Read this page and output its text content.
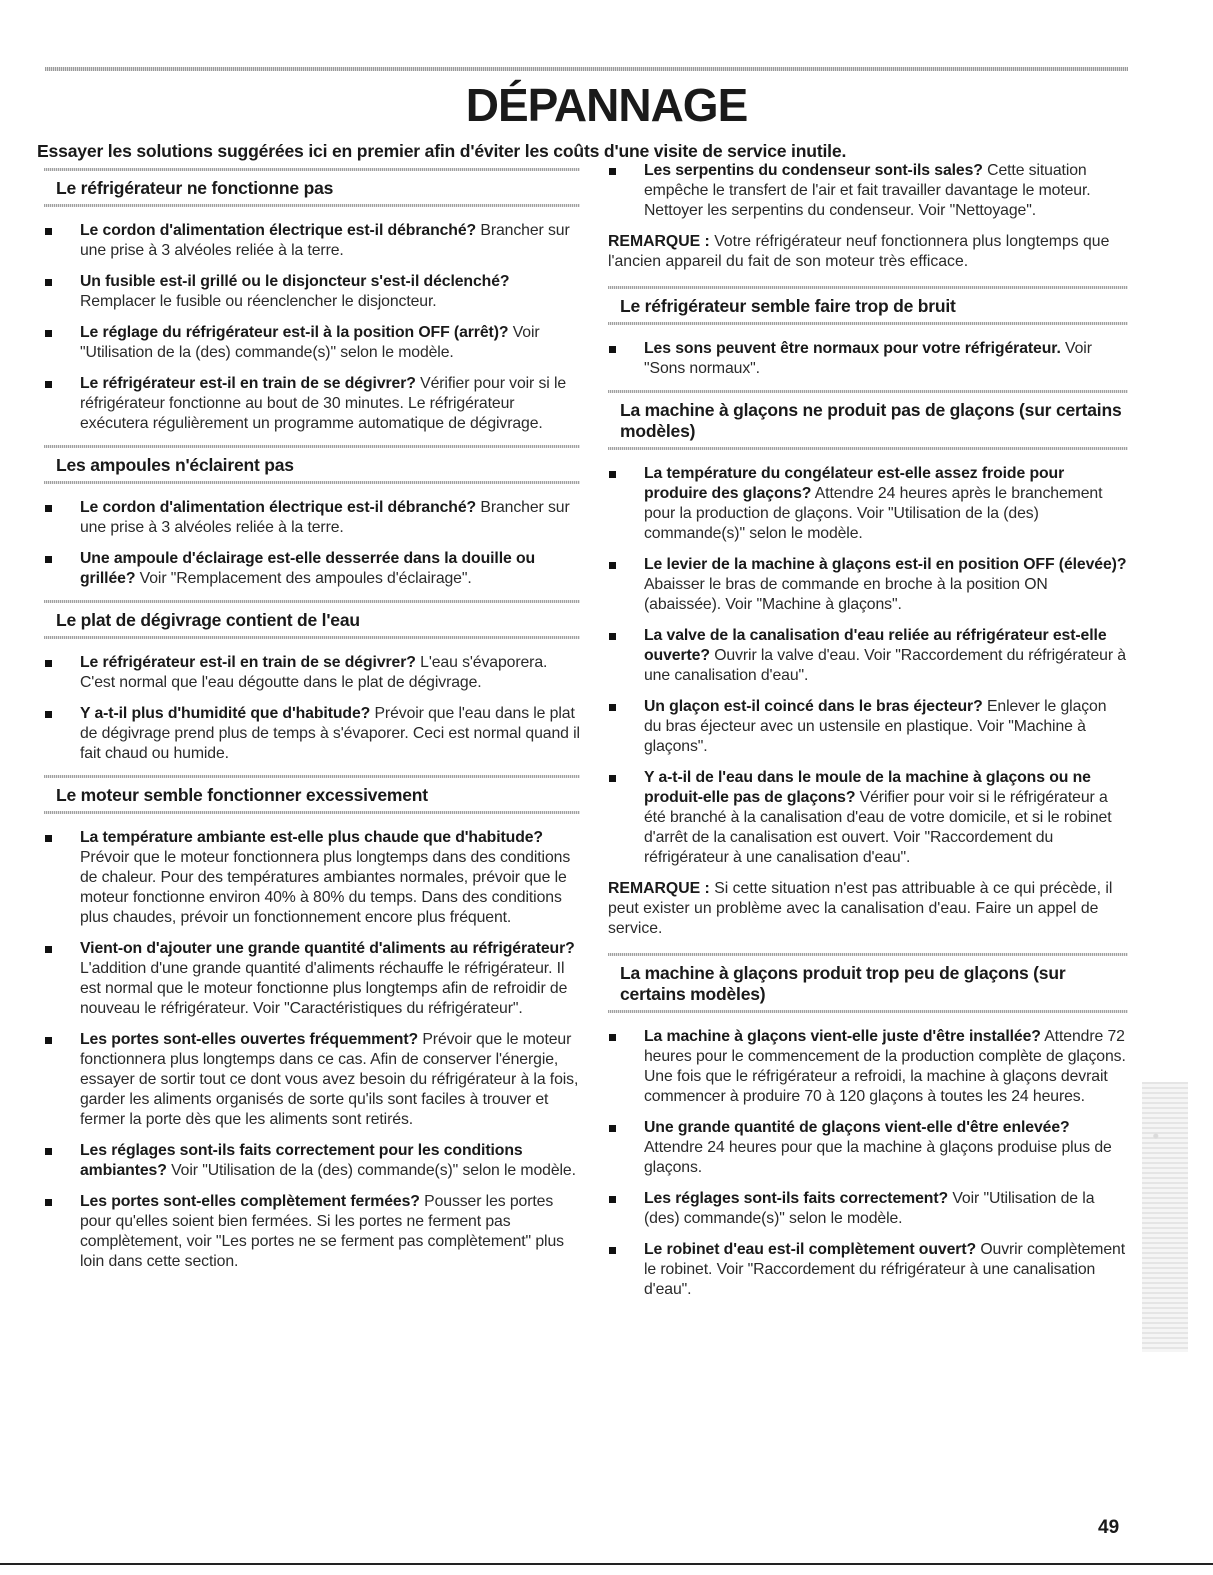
DÉPANNAGE
Essayer les solutions suggérées ici en premier afin d'éviter les coûts d'une visite de service inutile.
Le réfrigérateur ne fonctionne pas
Le cordon d'alimentation électrique est-il débranché? Brancher sur une prise à 3 alvéoles reliée à la terre.
Un fusible est-il grillé ou le disjoncteur s'est-il déclenché? Remplacer le fusible ou réenclencher le disjoncteur.
Le réglage du réfrigérateur est-il à la position OFF (arrêt)? Voir "Utilisation de la (des) commande(s)" selon le modèle.
Le réfrigérateur est-il en train de se dégivrer? Vérifier pour voir si le réfrigérateur fonctionne au bout de 30 minutes. Le réfrigérateur exécutera régulièrement un programme automatique de dégivrage.
Les ampoules n'éclairent pas
Le cordon d'alimentation électrique est-il débranché? Brancher sur une prise à 3 alvéoles reliée à la terre.
Une ampoule d'éclairage est-elle desserrée dans la douille ou grillée? Voir "Remplacement des ampoules d'éclairage".
Le plat de dégivrage contient de l'eau
Le réfrigérateur est-il en train de se dégivrer? L'eau s'évaporera. C'est normal que l'eau dégoutte dans le plat de dégivrage.
Y a-t-il plus d'humidité que d'habitude? Prévoir que l'eau dans le plat de dégivrage prend plus de temps à s'évaporer. Ceci est normal quand il fait chaud ou humide.
Le moteur semble fonctionner excessivement
La température ambiante est-elle plus chaude que d'habitude? Prévoir que le moteur fonctionnera plus longtemps dans des conditions de chaleur. Pour des températures ambiantes normales, prévoir que le moteur fonctionne environ 40% à 80% du temps. Dans des conditions plus chaudes, prévoir un fonctionnement encore plus fréquent.
Vient-on d'ajouter une grande quantité d'aliments au réfrigérateur? L'addition d'une grande quantité d'aliments réchauffe le réfrigérateur. Il est normal que le moteur fonctionne plus longtemps afin de refroidir de nouveau le réfrigérateur. Voir "Caractéristiques du réfrigérateur".
Les portes sont-elles ouvertes fréquemment? Prévoir que le moteur fonctionnera plus longtemps dans ce cas. Afin de conserver l'énergie, essayer de sortir tout ce dont vous avez besoin du réfrigérateur à la fois, garder les aliments organisés de sorte qu'ils sont faciles à trouver et fermer la porte dès que les aliments sont retirés.
Les réglages sont-ils faits correctement pour les conditions ambiantes? Voir "Utilisation de la (des) commande(s)" selon le modèle.
Les portes sont-elles complètement fermées? Pousser les portes pour qu'elles soient bien fermées. Si les portes ne ferment pas complètement, voir "Les portes ne se ferment pas complètement" plus loin dans cette section.
Les serpentins du condenseur sont-ils sales? Cette situation empêche le transfert de l'air et fait travailler davantage le moteur. Nettoyer les serpentins du condenseur. Voir "Nettoyage".

REMARQUE : Votre réfrigérateur neuf fonctionnera plus longtemps que l'ancien appareil du fait de son moteur très efficace.

Le réfrigérateur semble faire trop de bruit
Les sons peuvent être normaux pour votre réfrigérateur. Voir "Sons normaux".
La machine à glaçons ne produit pas de glaçons (sur certains modèles)
La température du congélateur est-elle assez froide pour produire des glaçons? Attendre 24 heures après le branchement pour la production de glaçons. Voir "Utilisation de la (des) commande(s)" selon le modèle.
Le levier de la machine à glaçons est-il en position OFF (élevée)? Abaisser le bras de commande en broche à la position ON (abaissée). Voir "Machine à glaçons".
La valve de la canalisation d'eau reliée au réfrigérateur est-elle ouverte? Ouvrir la valve d'eau. Voir "Raccordement du réfrigérateur à une canalisation d'eau".
Un glaçon est-il coincé dans le bras éjecteur? Enlever le glaçon du bras éjecteur avec un ustensile en plastique. Voir "Machine à glaçons".
Y a-t-il de l'eau dans le moule de la machine à glaçons ou ne produit-elle pas de glaçons? Vérifier pour voir si le réfrigérateur a été branché à la canalisation d'eau de votre domicile, et si le robinet d'arrêt de la canalisation est ouvert. Voir "Raccordement du réfrigérateur à une canalisation d'eau".

REMARQUE : Si cette situation n'est pas attribuable à ce qui précède, il peut exister un problème avec la canalisation d'eau. Faire un appel de service.

La machine à glaçons produit trop peu de glaçons (sur certains modèles)
La machine à glaçons vient-elle juste d'être installée? Attendre 72 heures pour le commencement de la production complète de glaçons. Une fois que le réfrigérateur a refroidi, la machine à glaçons devrait commencer à produire 70 à 120 glaçons à toutes les 24 heures.
Une grande quantité de glaçons vient-elle d'être enlevée? Attendre 24 heures pour que la machine à glaçons produise plus de glaçons.
Les réglages sont-ils faits correctement? Voir "Utilisation de la (des) commande(s)" selon le modèle.
Le robinet d'eau est-il complètement ouvert? Ouvrir complètement le robinet. Voir "Raccordement du réfrigérateur à une canalisation d'eau".
49
